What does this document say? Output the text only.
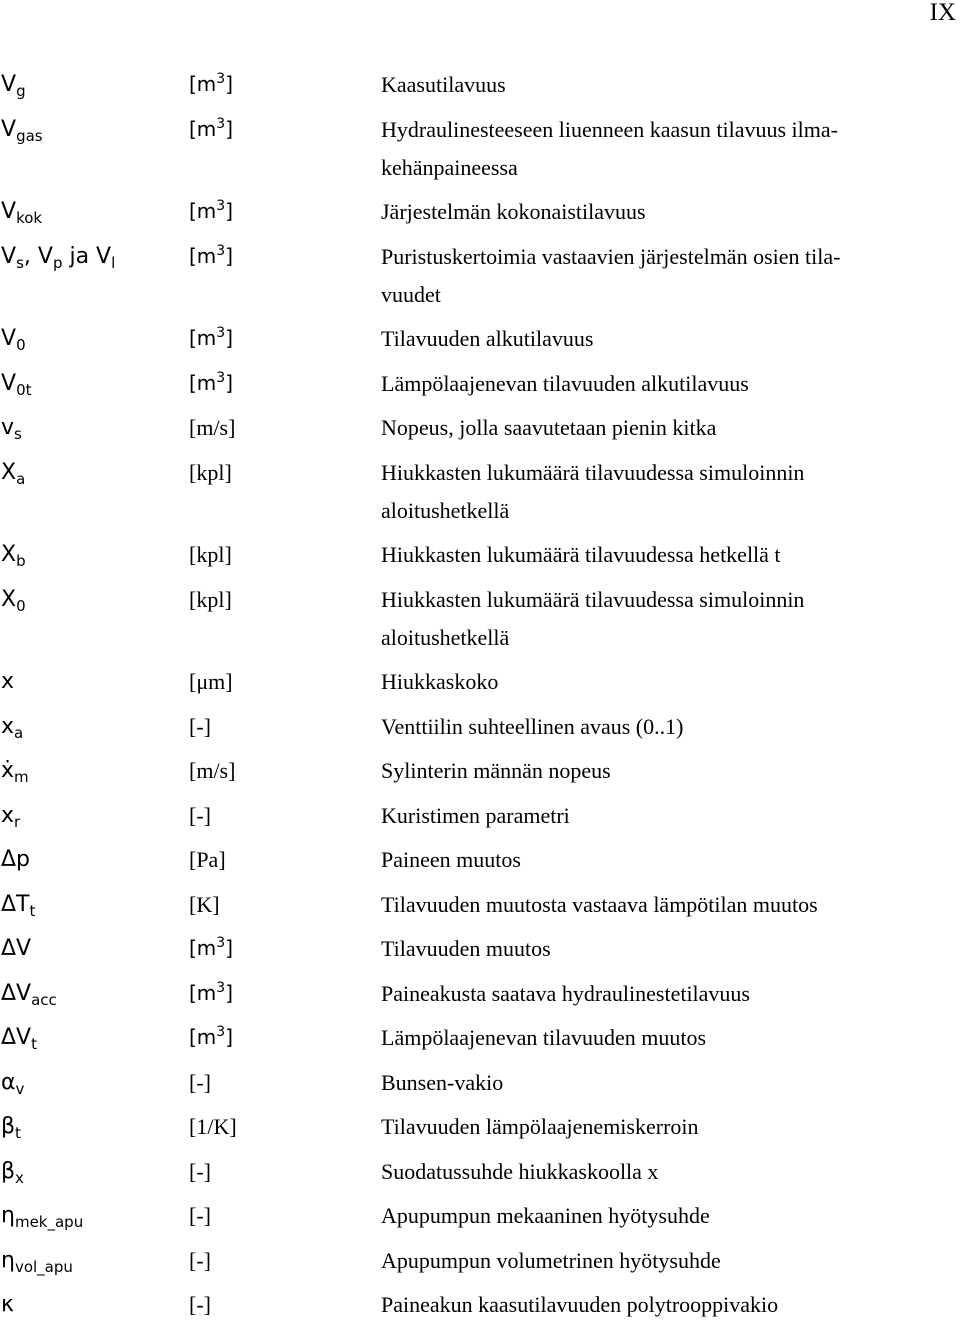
IX
$V_g$	$[m^3]$	Kaasutilavuus
$V_{gas}$	$[m^3]$	Hydraulinesteeseen liuenneen kaasun tilavuus ilma-
kehänpaineessa
$V_{kok}$	$[m^3]$	Järjestelmän kokonaistilavuus
$V_s$, $V_p$ ja $V_l$	$[m^3]$	Puristuskertoimia vastaavien järjestelmän osien tila-
vuudet
$V_0$	$[m^3]$	Tilavuuden alkutilavuus
$V_{0t}$	$[m^3]$	Lämpölaajenevan tilavuuden alkutilavuus
$v_s$	[m/s]	Nopeus, jolla saavutetaan pienin kitka
$X_a$	[kpl]	Hiukkasten lukumäärä tilavuudessa simuloinnin
aloitushetkellä
$X_b$	[kpl]	Hiukkasten lukumäärä tilavuudessa hetkellä t
$X_0$	[kpl]	Hiukkasten lukumäärä tilavuudessa simuloinnin
aloitushetkellä
x	[μm]	Hiukkaskoko
$x_a$	[-]	Venttiilin suhteellinen avaus (0..1)
ẋ$_m$	[m/s]	Sylinterin männän nopeus
$x_r$	[-]	Kuristimen parametri
Δp	[Pa]	Paineen muutos
$\Delta T_t$	[K]	Tilavuuden muutosta vastaava lämpötilan muutos
ΔV	$[m^3]$	Tilavuuden muutos
$\Delta V_{acc}$	$[m^3]$	Paineakusta saatava hydraulinestetilavuus
$\Delta V_t$	$[m^3]$	Lämpölaajenevan tilavuuden muutos
$\alpha_v$	[-]	Bunsen-vakio
$\beta_t$	[1/K]	Tilavuuden lämpölaajenemiskerroin
$\beta_x$	[-]	Suodatussuhde hiukkaskoolla x
$\eta_{mek\_apu}$	[-]	Apupumpun mekaaninen hyötysuhde
$\eta_{vol\_apu}$	[-]	Apupumpun volumetrinen hyötysuhde
κ	[-]	Paineakun kaasutilavuuden polytrooppivakio
